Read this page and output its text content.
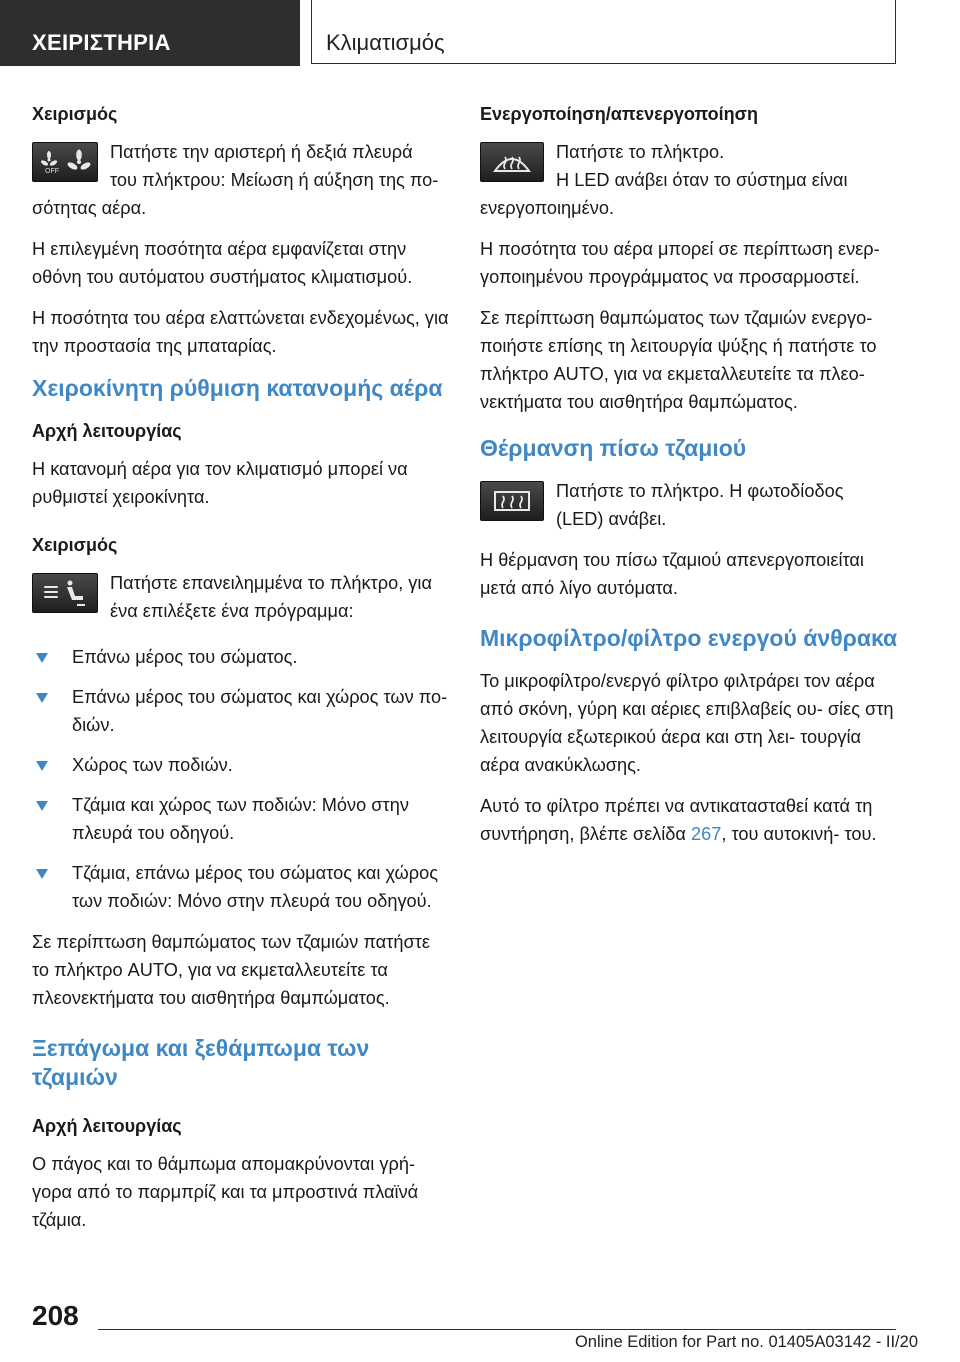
ΧΕΙΡΙΣΤΗΡΙΑ	Κλιματισμός
Χειρισμός
OFF
Πατήστε την αριστερή ή δεξιά πλευρά
του πλήκτρου: Μείωση ή αύξηση της πο-
σότητας αέρα.

Η επιλεγμένη ποσότητα αέρα εμφανίζεται στην οθόνη του αυτόματου συστήματος κλιματισμού.

Η ποσότητα του αέρα ελαττώνεται ενδεχομένως, για την προστασία της μπαταρίας.

Χειροκίνητη ρύθμιση κατανομής αέρα
Αρχή λειτουργίας

Η κατανομή αέρα για τον κλιματισμό μπορεί να ρυθμιστεί χειροκίνητα.

Χειρισμός
Πατήστε επανειλημμένα το πλήκτρο, για
ένα επιλέξετε ένα πρόγραμμα:
Επάνω μέρος του σώματος.
Επάνω μέρος του σώματος και χώρος των πο- διών.
Χώρος των ποδιών.
Τζάμια και χώρος των ποδιών: Μόνο στην πλευρά του οδηγού.
Τζάμια, επάνω μέρος του σώματος και χώρος των ποδιών: Μόνο στην πλευρά του οδηγού.

Σε περίπτωση θαμπώματος των τζαμιών πατήστε το πλήκτρο AUTO, για να εκμεταλλευτείτε τα πλεονεκτήματα του αισθητήρα θαμπώματος.

Ξεπάγωμα και ξεθάμπωμα των τζαμιών
Αρχή λειτουργίας

Ο πάγος και το θάμπωμα απομακρύνονται γρή- γορα από το παρμπρίζ και τα μπροστινά πλαϊνά τζάμια.

Ενεργοποίηση/απενεργοποίηση
Πατήστε το πλήκτρο.
Η LED ανάβει όταν το σύστημα είναι
ενεργοποιημένο.

Η ποσότητα του αέρα μπορεί σε περίπτωση ενερ- γοποιημένου προγράμματος να προσαρμοστεί.

Σε περίπτωση θαμπώματος των τζαμιών ενεργο- ποιήστε επίσης τη λειτουργία ψύξης ή πατήστε το πλήκτρο AUTO, για να εκμεταλλευτείτε τα πλεο- νεκτήματα του αισθητήρα θαμπώματος.

Θέρμανση πίσω τζαμιού
Πατήστε το πλήκτρο. Η φωτοδίοδος
(LED) ανάβει.

Η θέρμανση του πίσω τζαμιού απενεργοποιείται μετά από λίγο αυτόματα.

Μικροφίλτρο/φίλτρο ενεργού άνθρακα

Το μικροφίλτρο/ενεργό φίλτρο φιλτράρει τον αέρα από σκόνη, γύρη και αέριες επιβλαβείς ου- σίες στη λειτουργία εξωτερικού άερα και στη λει- τουργία αέρα ανακύκλωσης.

Αυτό το φίλτρο πρέπει να αντικατασταθεί κατά τη συντήρηση, βλέπε σελίδα 267, του αυτοκινή- του.

208
Online Edition for Part no. 01405A03142 - II/20
